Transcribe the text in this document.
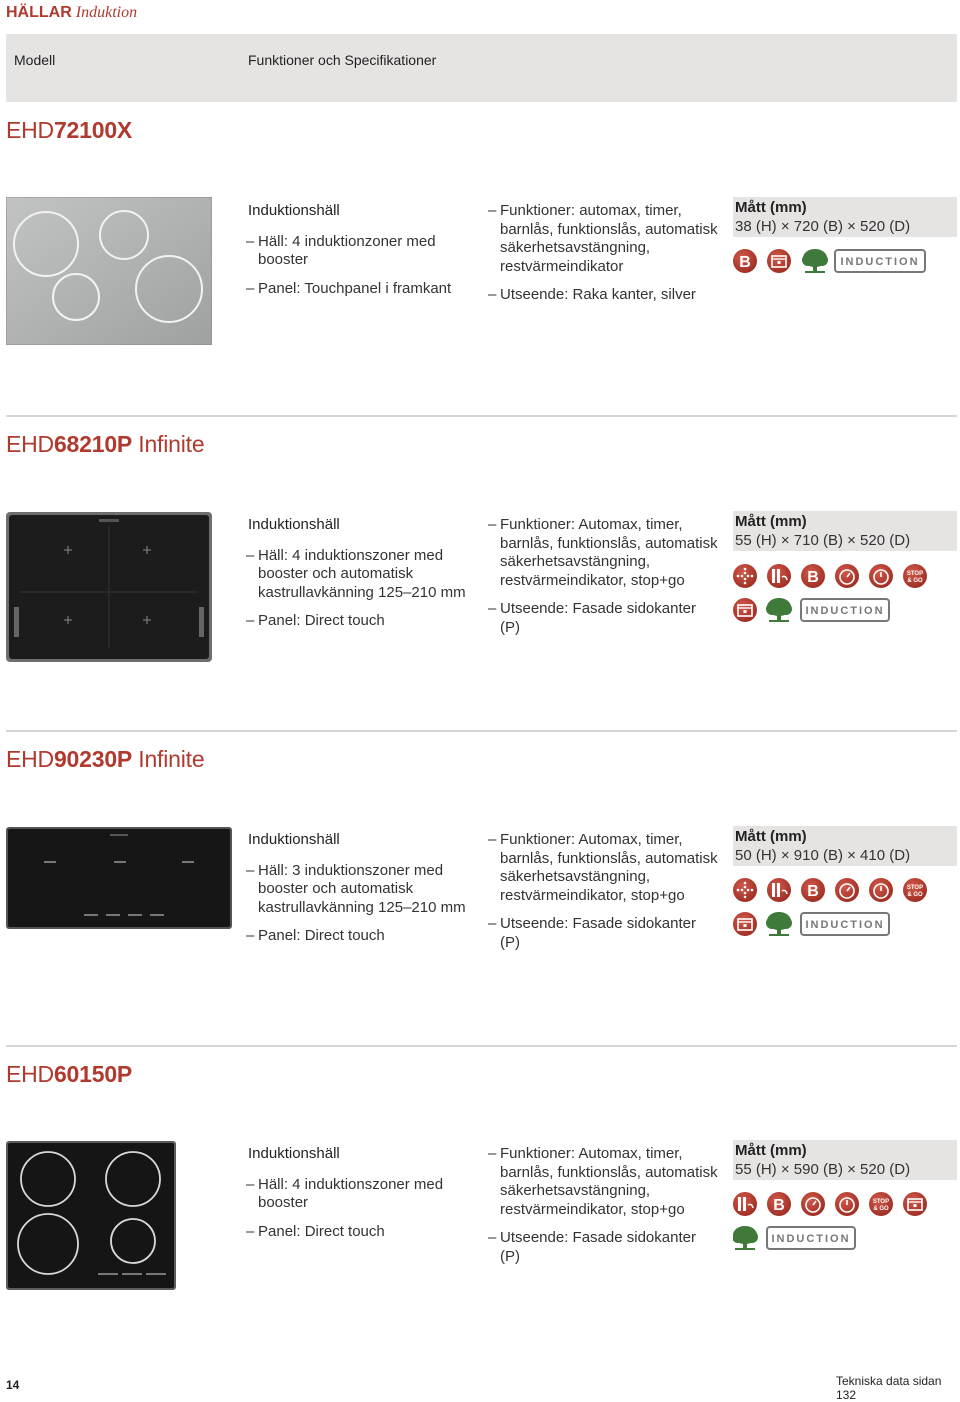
HÄLLAR Induktion
Modell	Funktioner och Specifikationer
EHD72100X
Induktionshäll
– Häll: 4 induktionzoner med booster
– Panel: Touchpanel i framkant
– Funktioner: automax, timer, barnlås, funktionslås, automatisk säkerhetsavstängning, restvärmeindikator
– Utseende: Raka kanter, silver
Mått (mm)
38 (H) × 720 (B) × 520 (D)
B	INDUCTION
EHD68210P Infinite
Induktionshäll
– Häll: 4 induktionszoner med booster och automatisk kastrullavkänning 125–210 mm
– Panel: Direct touch
– Funktioner: Automax, timer, barnlås, funktionslås, automatisk säkerhetsavstängning, restvärmeindikator, stop+go
– Utseende: Fasade sidokanter (P)
Mått (mm)
55 (H) × 710 (B) × 520 (D)
B	STOP
& GO
INDUCTION
EHD90230P Infinite
Induktionshäll
– Häll: 3 induktionszoner med booster och automatisk kastrullavkänning 125–210 mm
– Panel: Direct touch
– Funktioner: Automax, timer, barnlås, funktionslås, automatisk säkerhetsavstängning, restvärmeindikator, stop+go
– Utseende: Fasade sidokanter (P)
Mått (mm)
50 (H) × 910 (B) × 410 (D)
B	STOP
& GO
INDUCTION
EHD60150P
Induktionshäll
– Häll: 4 induktionszoner med booster
– Panel: Direct touch
– Funktioner: Automax, timer, barnlås, funktionslås, automatisk säkerhetsavstängning, restvärmeindikator, stop+go
– Utseende: Fasade sidokanter (P)
Mått (mm)
55 (H) × 590 (B) × 520 (D)
B	STOP
& GO
INDUCTION
14	Tekniska data sidan 132
